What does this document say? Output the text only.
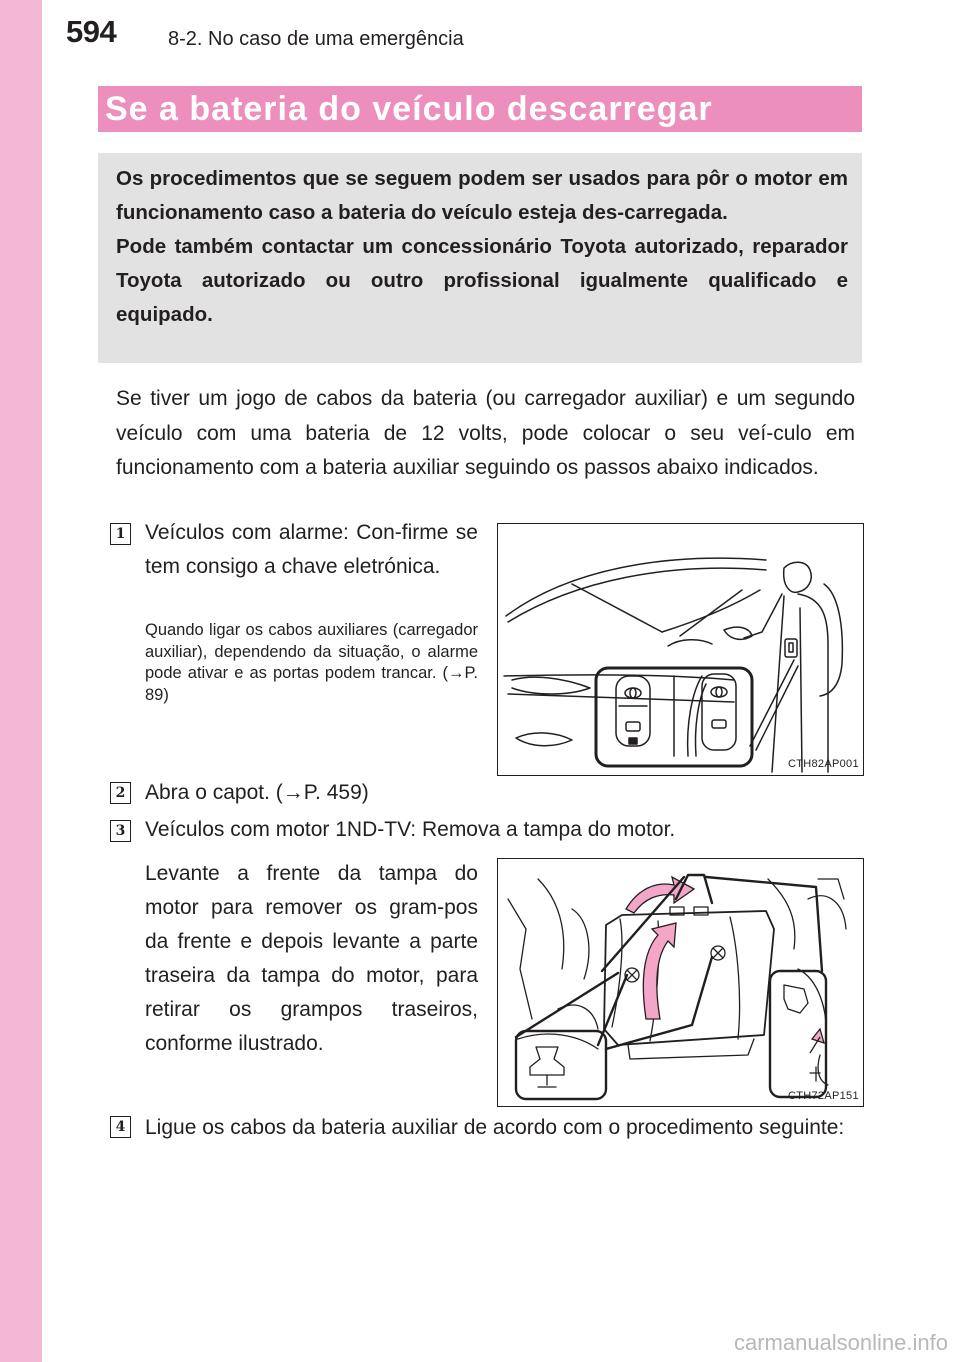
594	8-2. No caso de uma emergência
Se a bateria do veículo descarregar

Os procedimentos que se seguem podem ser usados para pôr o motor em funcionamento caso a bateria do veículo esteja des-carregada.

Pode também contactar um concessionário Toyota autorizado, reparador Toyota autorizado ou outro profissional igualmente qualificado e equipado.

Se tiver um jogo de cabos da bateria (ou carregador auxiliar) e um segundo veículo com uma bateria de 12 volts, pode colocar o seu veí-culo em funcionamento com a bateria auxiliar seguindo os passos abaixo indicados.
1 Veículos com alarme: Con-firme se tem consigo a chave eletrónica.
Quando ligar os cabos auxiliares (carregador auxiliar), dependendo da situação, o alarme pode ativar e as portas podem trancar. (→P. 89)
CTH82AP001
2 Abra o capot. (→P. 459)
3 Veículos com motor 1ND-TV: Remova a tampa do motor.
Levante a frente da tampa do motor para remover os gram-pos da frente e depois levante a parte traseira da tampa do motor, para retirar os grampos traseiros, conforme ilustrado.
CTH72AP151
4 Ligue os cabos da bateria auxiliar de acordo com o procedimento seguinte:
carmanualsonline.info
